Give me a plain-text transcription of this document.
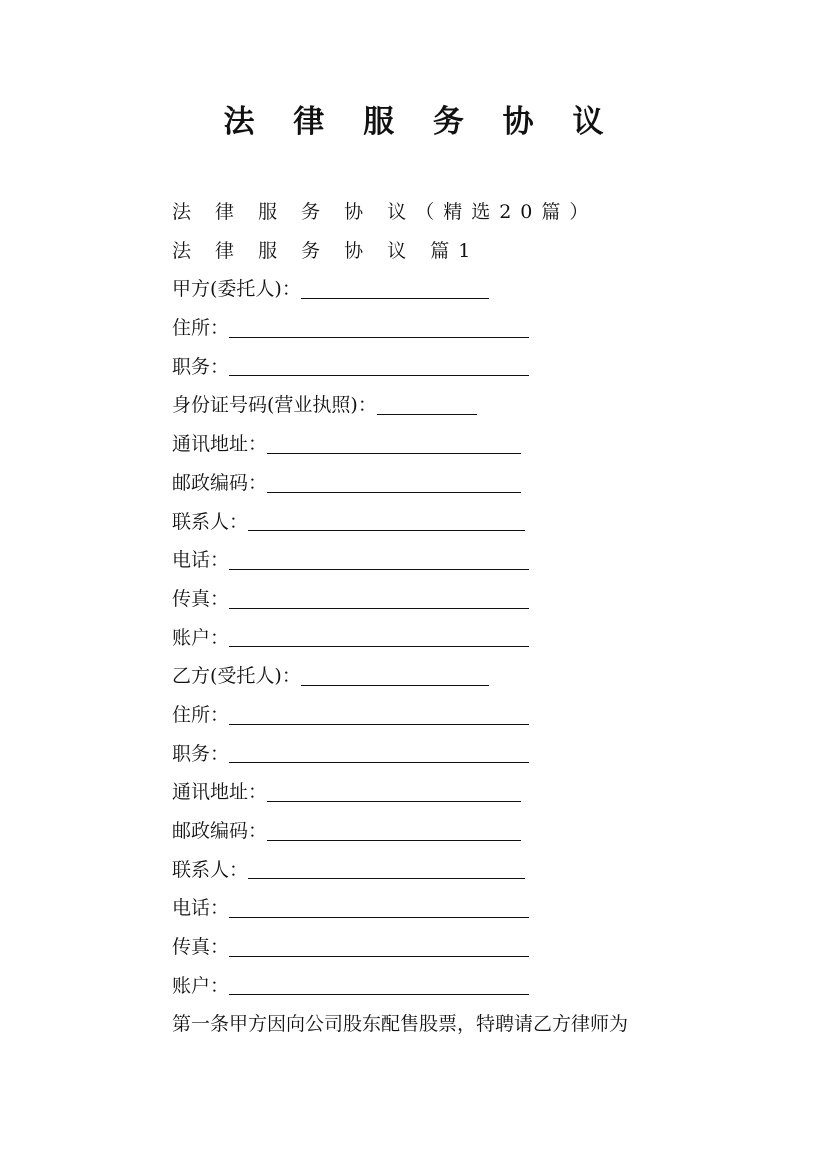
法 律 服 务 协 议
法 律 服 务 协 议（精选20篇）
法 律 服 务 协 议 篇1
甲方(委托人)：
住所：
职务：
身份证号码(营业执照)：
通讯地址：
邮政编码：
联系人：
电话：
传真：
账户：
乙方(受托人)：
住所：
职务：
通讯地址：
邮政编码：
联系人：
电话：
传真：
账户：
第一条甲方因向公司股东配售股票，特聘请乙方律师为
